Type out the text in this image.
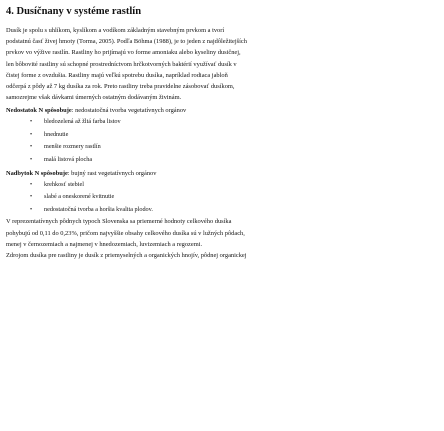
4. Dusíčnany v systéme rastlín

Dusík je spolu s uhlíkom, kyslíkom a vodíkom základným stavebným prvkom a tvorí

podstatnú časť živej hmoty (Torma, 2005). Podľa Böhma (1988), je to jeden z najdôležitejších

prvkov vo výžive rastlín. Rastliny ho prijímajú vo forme amoniaku alebo kyseliny dusičnej,

len bôbovité rastliny sú schopné prostredníctvom hrčkotvorných baktérií využívať dusík v

čistej forme z ovzdušia. Rastliny majú veľkú spotrebu dusíka, napríklad rodiaca jabloň

odčerpá z pôdy až 7 kg dusíka za rok. Preto rastliny treba pravidelne zásobovať dusíkom,

samozrejme však dávkami úmerných ostatným dodávaným živinám.

Nedostatok N spôsobuje: nedostatočná tvorba vegetatívnych orgánov
• bledozelená až žltá farba listov
• hnednutie
• menšie rozmery rastlín
• malá listová plocha
Nadbytok N spôsobuje: bujný rast vegetatívnych orgánov
• krehkosť stebiel
• slabé a oneskorené kvitnutie
• nedostatočná tvorba a horšia kvalita plodov.

V reprezentatívnych pôdnych typoch Slovenska sa priemerné hodnoty celkového dusíka

pohybujú od 0,11 do 0,23%, pričom najvyššie obsahy celkového dusíka sú v lužných pôdach,

menej v černozemiach a najmenej v hnedozemiach, luvizemiach a regozemi.

Zdrojom dusíka pre rastliny je dusík z priemyselných a organických hnojív, pôdnej organickej
